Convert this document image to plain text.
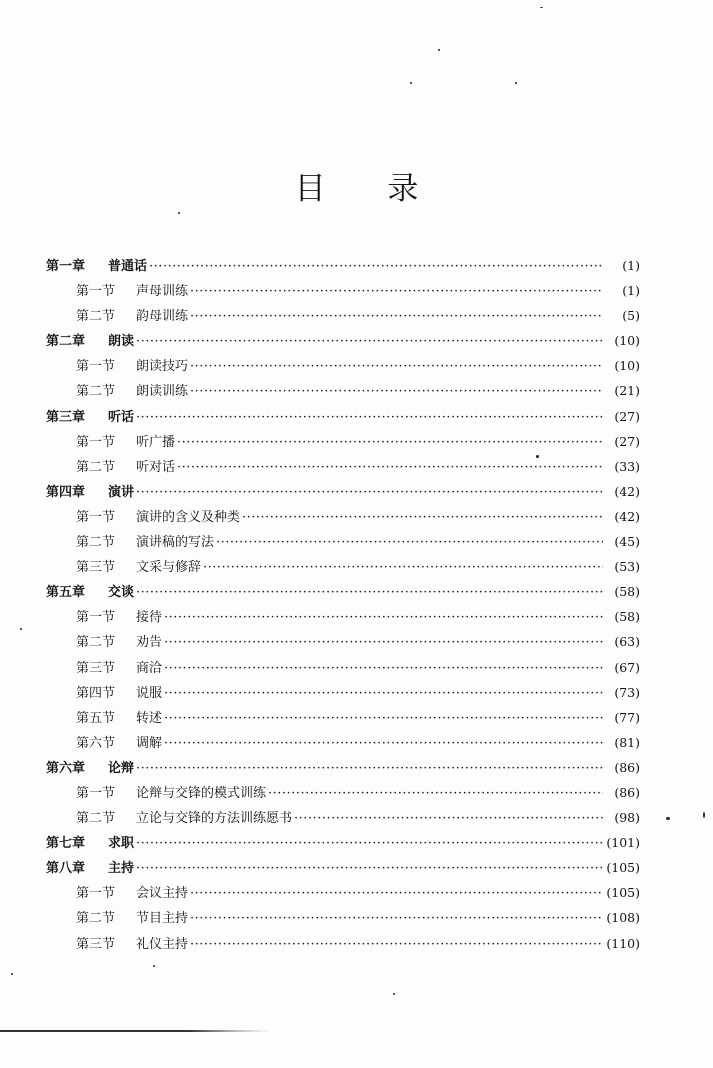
目 录
第一章	普通话 ·····	(1)
第一节	声母训练 ·····	(1)
第二节	韵母训练 ·····	(5)
第二章	朗读 ·····	(10)
第一节	朗读技巧 ·····	(10)
第二节	朗读训练 ·····	(21)
第三章	听话 ·····	(27)
第一节	听广播 ·····	(27)
第二节	听对话 ·····	(33)
第四章	演讲 ·····	(42)
第一节	演讲的含义及种类 ·····	(42)
第二节	演讲稿的写法 ·····	(45)
第三节	文采与修辞 ·····	(53)
第五章	交谈 ·····	(58)
第一节	接待 ·····	(58)
第二节	劝告 ·····	(63)
第三节	商洽 ·····	(67)
第四节	说服 ·····	(73)
第五节	转述 ·····	(77)
第六节	调解 ·····	(81)
第六章	论辩 ·····	(86)
第一节	论辩与交锋的模式训练 ·····	(86)
第二节	立论与交锋的方法训练愿书 ·····	(98)
第七章	求职 ·····	(101)
第八章	主持 ·····	(105)
第一节	会议主持 ·····	(105)
第二节	节目主持 ·····	(108)
第三节	礼仪主持 ·····	(110)
